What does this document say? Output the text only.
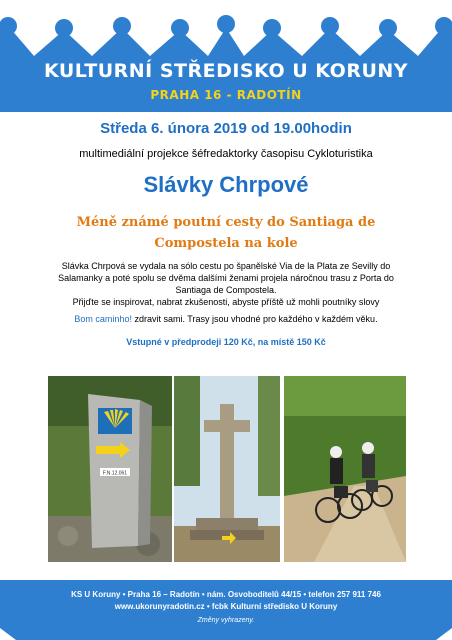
KULTURNÍ STŘEDISKO U KORUNY
PRAHA 16 - RADOTÍN
Středa 6. února 2019 od 19.00hodin
multimediální projekce šéfredaktorky časopisu Cykloturistika
Slávky Chrpové
Méně známé poutní cesty do Santiaga de
Compostela na kole

Slávka Chrpová se vydala na sólo cestu po španělské Via de la Plata ze Sevilly do

Salamanky a poté spolu se dvěma dalšími ženami projela náročnou trasu z Porta do

Santiaga de Compostela.

Přijďte se inspirovat, nabrat zkušenosti, abyste příště už mohli poutníky slovy

Bom caminho! zdravit sami. Trasy jsou vhodné pro každého v každém věku.
Vstupné v předprodeji 120 Kč, na místě 150 Kč
F.N.12.061
KS U Koruny • Praha 16 – Radotín • nám. Osvoboditelů 44/15 • telefon 257 911 746
www.ukorunyradotin.cz • fcbk Kulturní středisko U Koruny
Změny vyhrazeny.
